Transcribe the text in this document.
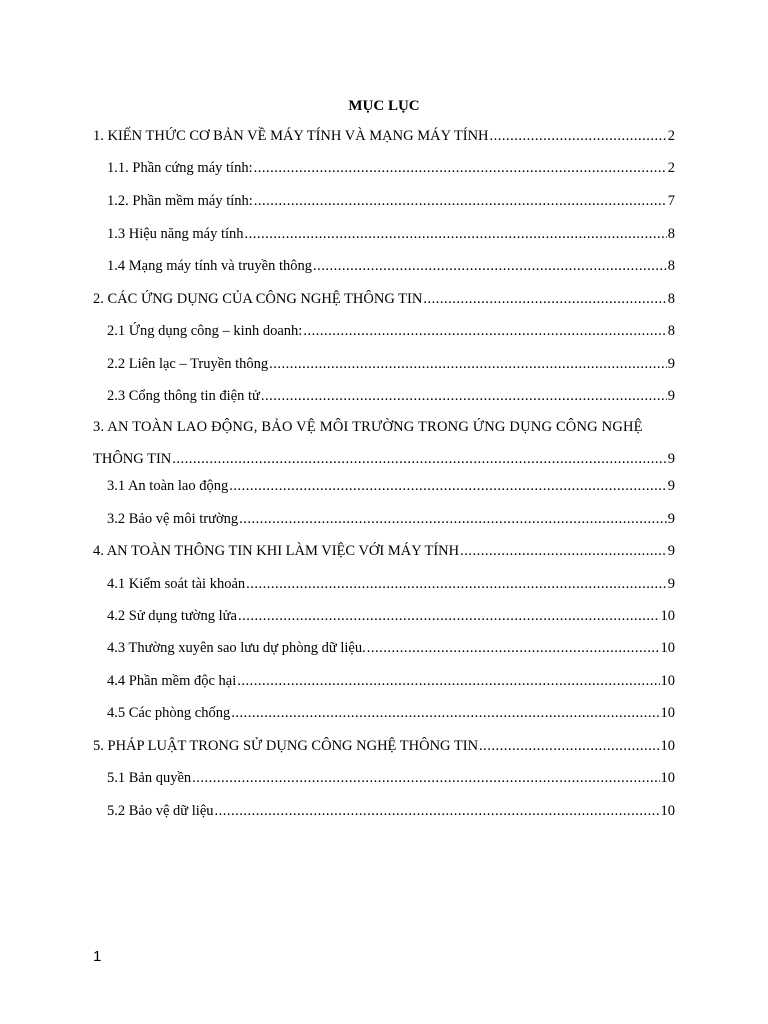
MỤC LỤC
1. KIẾN THỨC CƠ BẢN VỀ MÁY TÍNH VÀ MẠNG MÁY TÍNH .....	2
1.1. Phần cứng máy tính: .....	2
1.2. Phần mềm máy tính: .....	7
1.3 Hiệu năng máy tính .....	8
1.4 Mạng máy tính và truyền thông .....	8
2. CÁC ỨNG DỤNG CỦA CÔNG NGHỆ THÔNG TIN .....	8
2.1 Ứng dụng công – kinh doanh: .....	8
2.2 Liên lạc – Truyền thông .....	9
2.3 Cổng thông tin điện tử .....	9
3. AN TOÀN LAO ĐỘNG, BẢO VỆ MÔI TRƯỜNG TRONG ỨNG DỤNG CÔNG NGHỆ
THÔNG TIN .....	9
3.1 An toàn lao động .....	9
3.2 Bảo vệ môi trường .....	9
4. AN TOÀN THÔNG TIN KHI LÀM VIỆC VỚI MÁY TÍNH .....	9
4.1 Kiểm soát tài khoản .....	9
4.2 Sử dụng tường lửa .....	10
4.3 Thường xuyên sao lưu dự phòng dữ liệu. .....	10
4.4 Phần mềm độc hại .....	10
4.5 Các phòng chống .....	10
5. PHÁP LUẬT TRONG SỬ DỤNG CÔNG NGHỆ THÔNG TIN .....	10
5.1 Bản quyền .....	10
5.2 Bảo vệ dữ liệu .....	10
1
